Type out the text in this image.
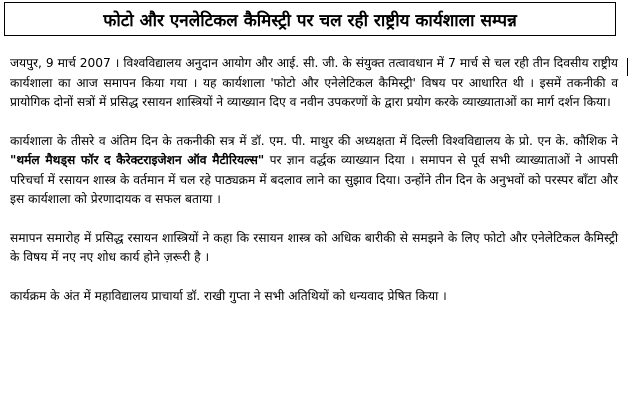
फोटो और एनलेटिकल कैमिस्ट्री पर चल रही राष्ट्रीय कार्यशाला सम्पन्न

जयपुर, 9 मार्च 2007 । विश्वविद्यालय अनुदान आयोग और आई. सी. जी. के संयुक्त तत्वावधान में 7 मार्च से चल रही तीन दिवसीय राष्ट्रीय कार्यशाला का आज समापन किया गया । यह कार्यशाला 'फोटो और एनेलेटिकल कैमिस्ट्री' विषय पर आधारित थी । इसमें तकनीकी व प्रायोगिक दोनों सत्रों में प्रसिद्ध रसायन शास्त्रियों ने व्याख्यान दिए व नवीन उपकरणों के द्वारा प्रयोग करके व्याख्याताओं का मार्ग दर्शन किया।

कार्यशाला के तीसरे व अंतिम दिन के तकनीकी सत्र में डॉ. एम. पी. माथुर की अध्यक्षता में दिल्ली विश्वविद्यालय के प्रो. एन के. कौशिक ने "थर्मल मैथड्स फॉर द कैरेक्टराइजेशन ऑव मैटीरियल्स" पर ज्ञान वर्द्धक व्याख्यान दिया । समापन से पूर्व सभी व्याख्याताओं ने आपसी परिचर्चा में रसायन शास्त्र के वर्तमान में चल रहे पाठ्यक्रम में बदलाव लाने का सुझाव दिया। उन्होंने तीन दिन के अनुभवों को परस्पर बाँटा और इस कार्यशाला को प्रेरणादायक व सफल बताया ।

समापन समारोह में प्रसिद्ध रसायन शास्त्रियों ने कहा कि रसायन शास्त्र को अधिक बारीकी से समझने के लिए फोटो और एनेलेटिकल कैमिस्ट्री के विषय में नए नए शोध कार्य होने ज़रूरी है ।

कार्यक्रम के अंत में महाविद्यालय प्राचार्या डॉ. राखी गुप्ता ने सभी अतिथियों को धन्यवाद प्रेषित किया ।
